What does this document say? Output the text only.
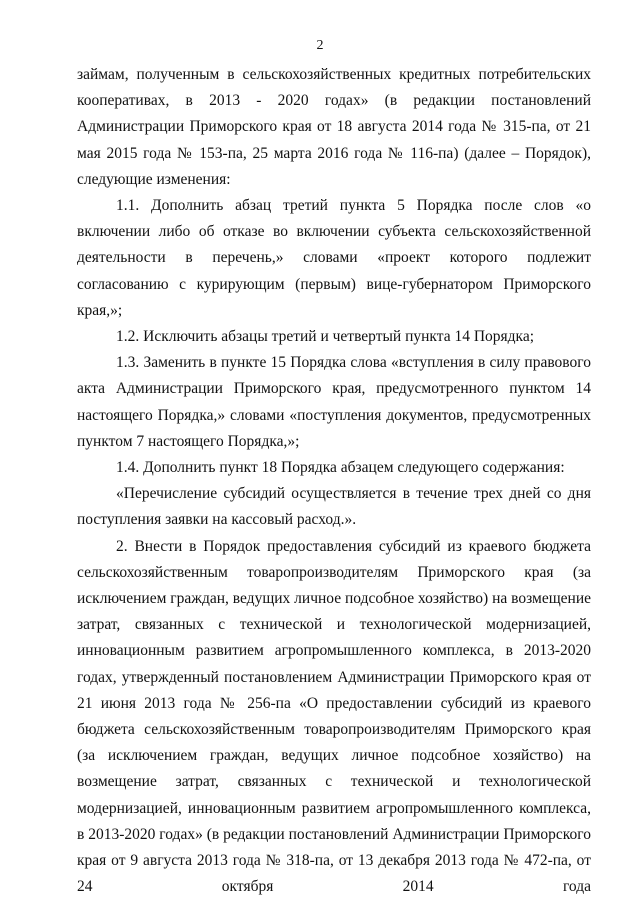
2

займам, полученным в сельскохозяйственных кредитных потребительских кооперативах, в 2013 - 2020 годах» (в редакции постановлений Администрации Приморского края от 18 августа 2014 года № 315-па, от 21 мая 2015 года № 153-па, 25 марта 2016 года № 116-па) (далее – Порядок), следующие изменения:

1.1. Дополнить абзац третий пункта 5 Порядка после слов «о включении либо об отказе во включении субъекта сельскохозяйственной деятельности в перечень,» словами «проект которого подлежит согласованию с курирующим (первым) вице-губернатором Приморского края,»;

1.2. Исключить абзацы третий и четвертый пункта 14 Порядка;

1.3. Заменить в пункте 15 Порядка слова «вступления в силу правового акта Администрации Приморского края, предусмотренного пунктом 14 настоящего Порядка,» словами «поступления документов, предусмотренных пунктом 7 настоящего Порядка,»;

1.4. Дополнить пункт 18 Порядка абзацем следующего содержания:

«Перечисление субсидий осуществляется в течение трех дней со дня поступления заявки на кассовый расход.».

2. Внести в Порядок предоставления субсидий из краевого бюджета сельскохозяйственным товаропроизводителям Приморского края (за исключением граждан, ведущих личное подсобное хозяйство) на возмещение затрат, связанных с технической и технологической модернизацией, инновационным развитием агропромышленного комплекса, в 2013-2020 годах, утвержденный постановлением Администрации Приморского края от 21 июня 2013 года № 256-па «О предоставлении субсидий из краевого бюджета сельскохозяйственным товаропроизводителям Приморского края (за исключением граждан, ведущих личное подсобное хозяйство) на возмещение затрат, связанных с технической и технологической модернизацией, инновационным развитием агропромышленного комплекса, в 2013-2020 годах» (в редакции постановлений Администрации Приморского края от 9 августа 2013 года № 318-па, от 13 декабря 2013 года № 472-па, от 24 октября 2014 года
